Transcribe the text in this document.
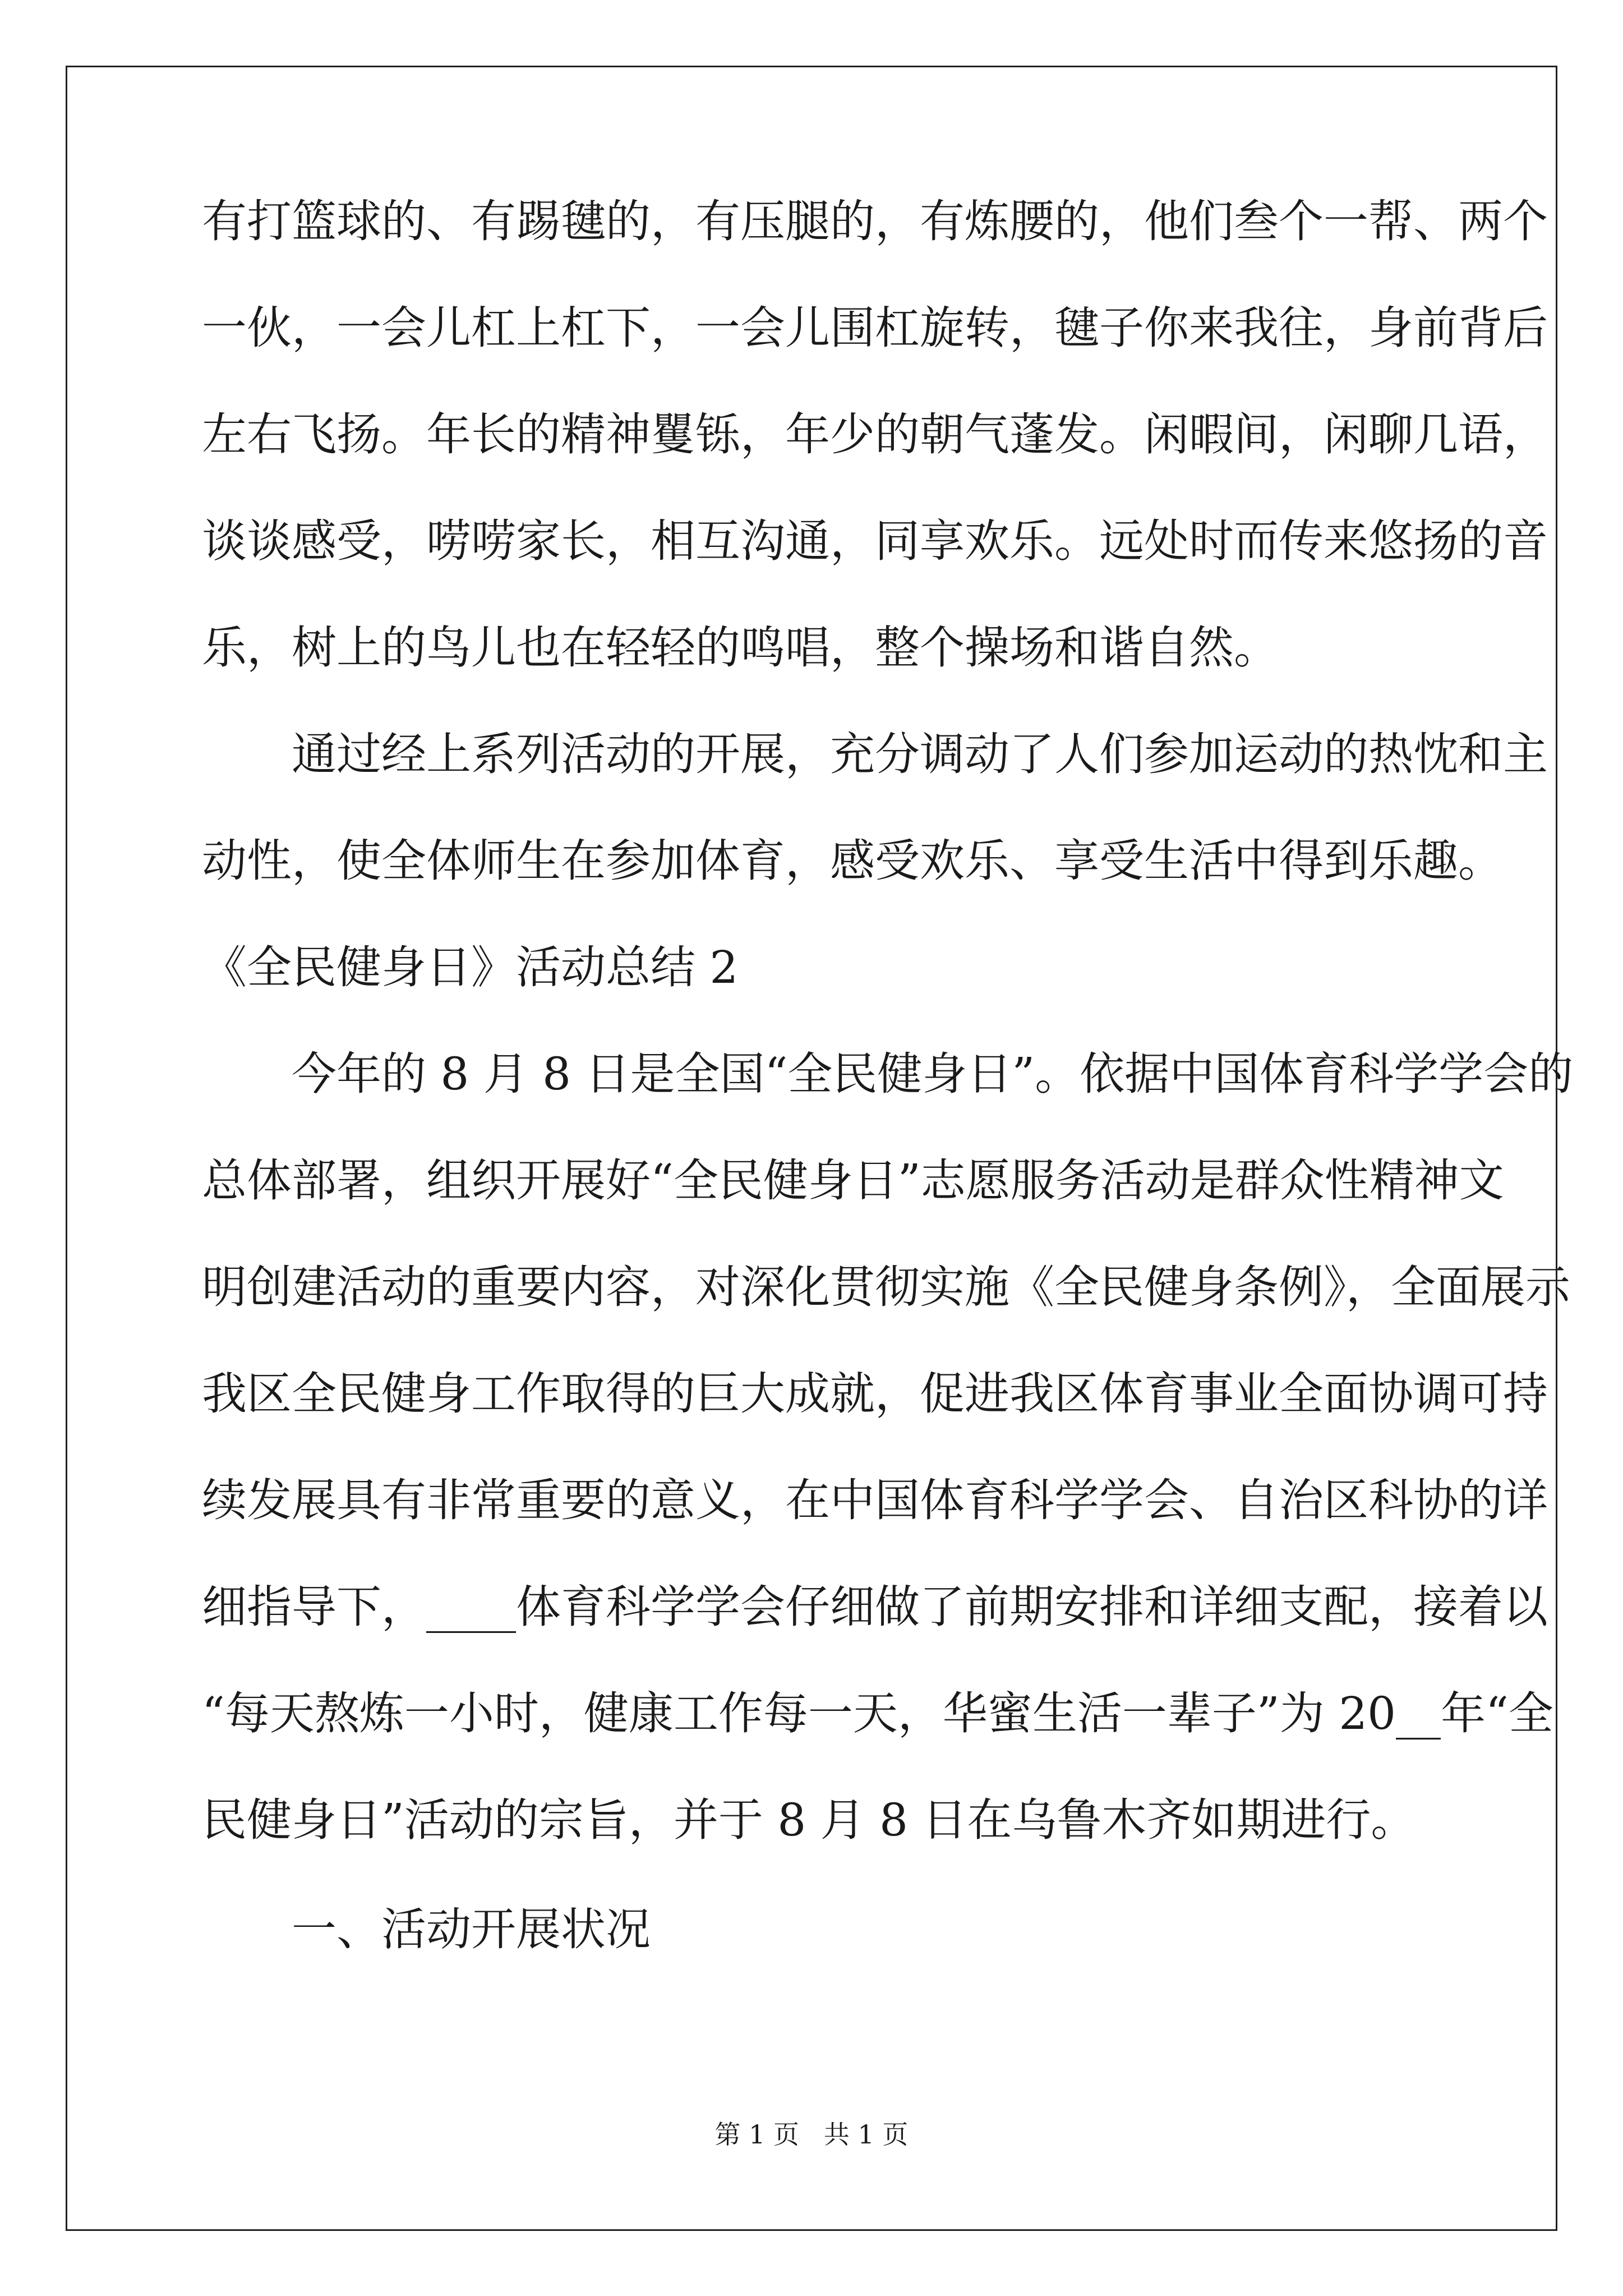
有打篮球的、有踢毽的，有压腿的，有炼腰的，他们叁个一帮、两个
一伙，一会儿杠上杠下，一会儿围杠旋转，毽子你来我往，身前背后
左右飞扬。年长的精神矍铄，年少的朝气蓬发。闲暇间，闲聊几语，
谈谈感受，唠唠家长，相互沟通，同享欢乐。远处时而传来悠扬的音
乐，树上的鸟儿也在轻轻的鸣唱，整个操场和谐自然。
通过经上系列活动的开展，充分调动了人们参加运动的热忱和主
动性，使全体师生在参加体育，感受欢乐、享受生活中得到乐趣。
《全民健身日》活动总结 2
今年的 8 月 8 日是全国“全民健身日”。依据中国体育科学学会的
总体部署，组织开展好“全民健身日”志愿服务活动是群众性精神文
明创建活动的重要内容，对深化贯彻实施《全民健身条例》，全面展示
我区全民健身工作取得的巨大成就，促进我区体育事业全面协调可持
续发展具有非常重要的意义，在中国体育科学学会、自治区科协的详
细指导下，____体育科学学会仔细做了前期安排和详细支配，接着以
“每天熬炼一小时，健康工作每一天，华蜜生活一辈子”为 20__年“全
民健身日”活动的宗旨，并于 8 月 8 日在乌鲁木齐如期进行。
一、活动开展状况
第 1 页   共 1 页
